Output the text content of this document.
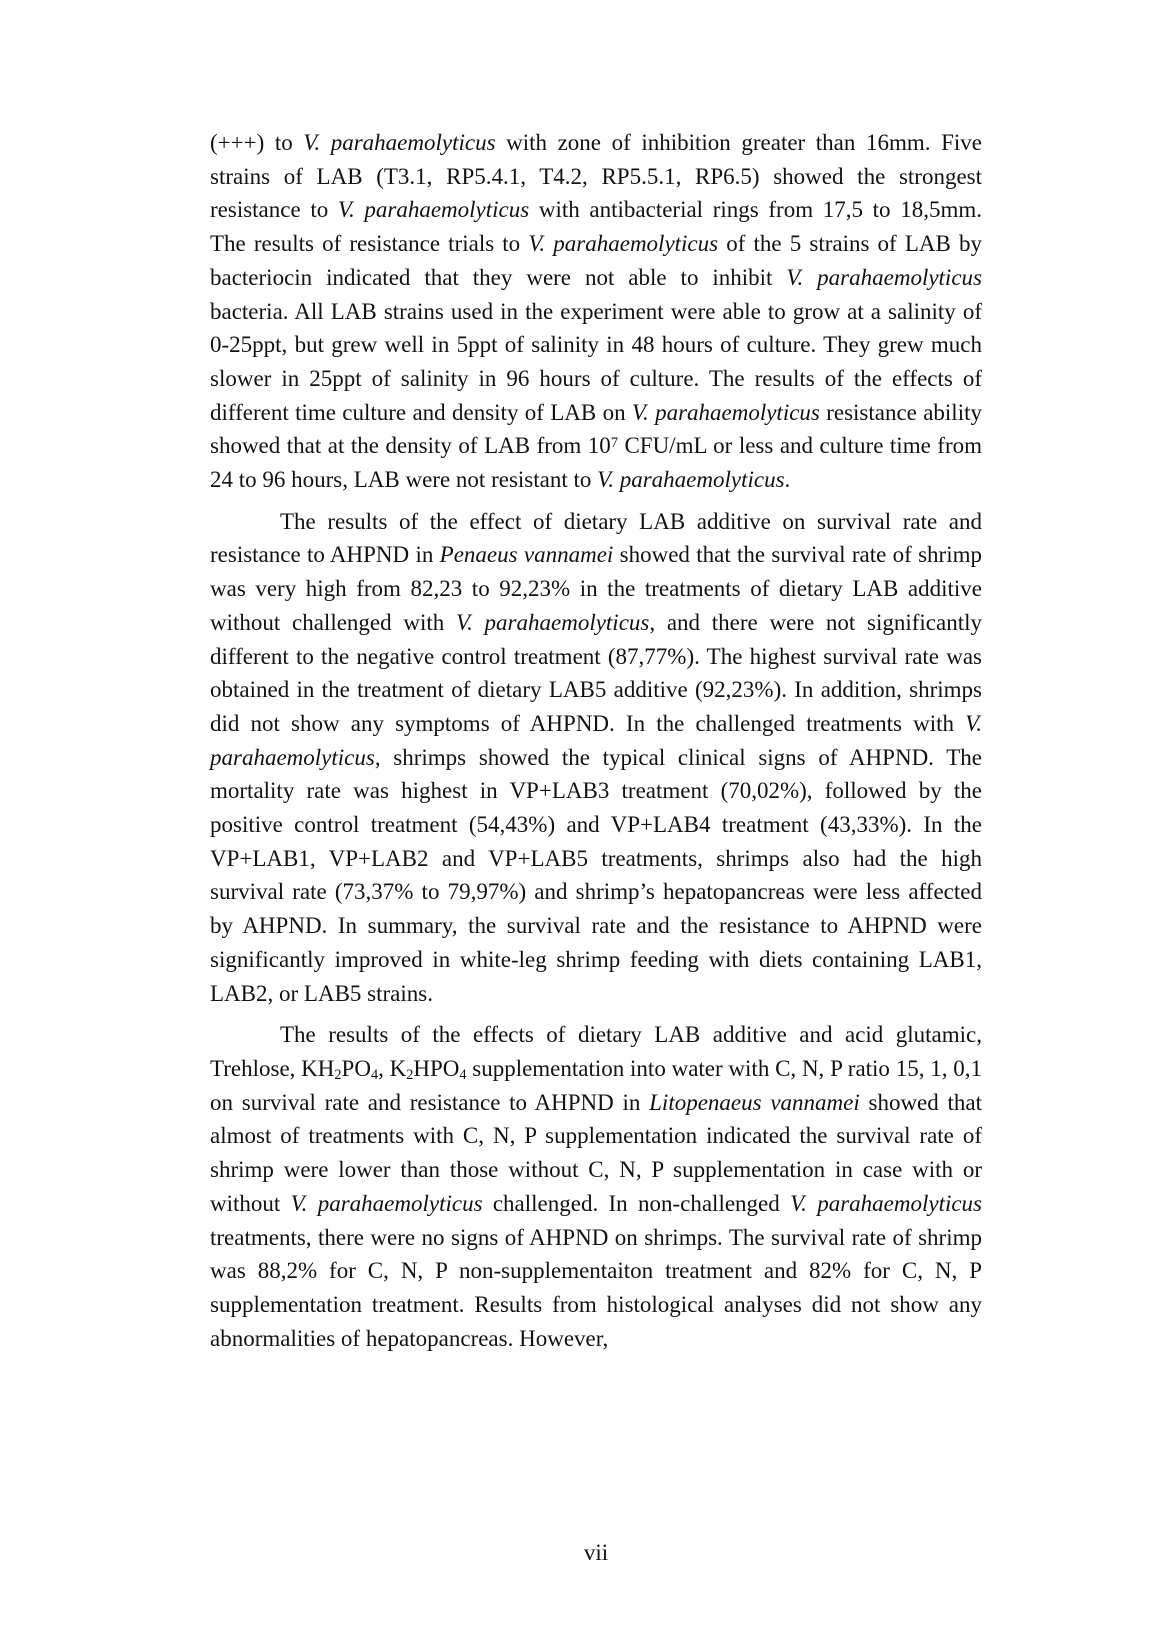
(+++) to V. parahaemolyticus with zone of inhibition greater than 16mm. Five strains of LAB (T3.1, RP5.4.1, T4.2, RP5.5.1, RP6.5) showed the strongest resistance to V. parahaemolyticus with antibacterial rings from 17,5 to 18,5mm. The results of resistance trials to V. parahaemolyticus of the 5 strains of LAB by bacteriocin indicated that they were not able to inhibit V. parahaemolyticus bacteria. All LAB strains used in the experiment were able to grow at a salinity of 0-25ppt, but grew well in 5ppt of salinity in 48 hours of culture. They grew much slower in 25ppt of salinity in 96 hours of culture. The results of the effects of different time culture and density of LAB on V. parahaemolyticus resistance ability showed that at the density of LAB from $10^7$ CFU/mL or less and culture time from 24 to 96 hours, LAB were not resistant to V. parahaemolyticus.

The results of the effect of dietary LAB additive on survival rate and resistance to AHPND in Penaeus vannamei showed that the survival rate of shrimp was very high from 82,23 to 92,23% in the treatments of dietary LAB additive without challenged with V. parahaemolyticus, and there were not significantly different to the negative control treatment (87,77%). The highest survival rate was obtained in the treatment of dietary LAB5 additive (92,23%). In addition, shrimps did not show any symptoms of AHPND. In the challenged treatments with V. parahaemolyticus, shrimps showed the typical clinical signs of AHPND. The mortality rate was highest in VP+LAB3 treatment (70,02%), followed by the positive control treatment (54,43%) and VP+LAB4 treatment (43,33%). In the VP+LAB1, VP+LAB2 and VP+LAB5 treatments, shrimps also had the high survival rate (73,37% to 79,97%) and shrimp’s hepatopancreas were less affected by AHPND. In summary, the survival rate and the resistance to AHPND were significantly improved in white-leg shrimp feeding with diets containing LAB1, LAB2, or LAB5 strains.

The results of the effects of dietary LAB additive and acid glutamic, Trehlose, KH2PO4, K2HPO4 supplementation into water with C, N, P ratio 15, 1, 0,1 on survival rate and resistance to AHPND in Litopenaeus vannamei showed that almost of treatments with C, N, P supplementation indicated the survival rate of shrimp were lower than those without C, N, P supplementation in case with or without V. parahaemolyticus challenged. In non-challenged V. parahaemolyticus treatments, there were no signs of AHPND on shrimps. The survival rate of shrimp was 88,2% for C, N, P non-supplementaiton treatment and 82% for C, N, P supplementation treatment. Results from histological analyses did not show any abnormalities of hepatopancreas. However,

vii
